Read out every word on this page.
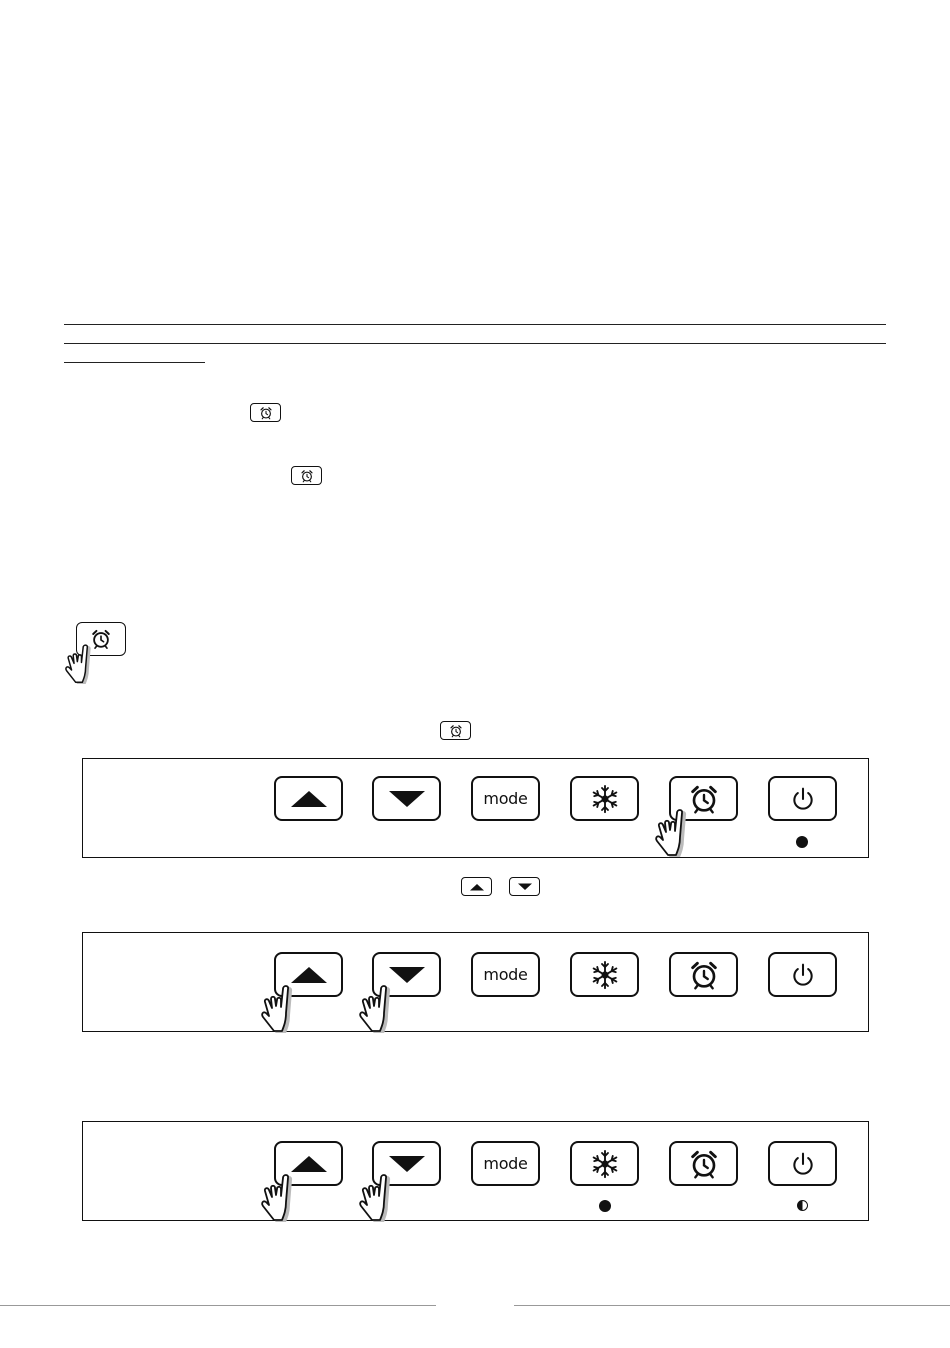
mode
mode
mode
